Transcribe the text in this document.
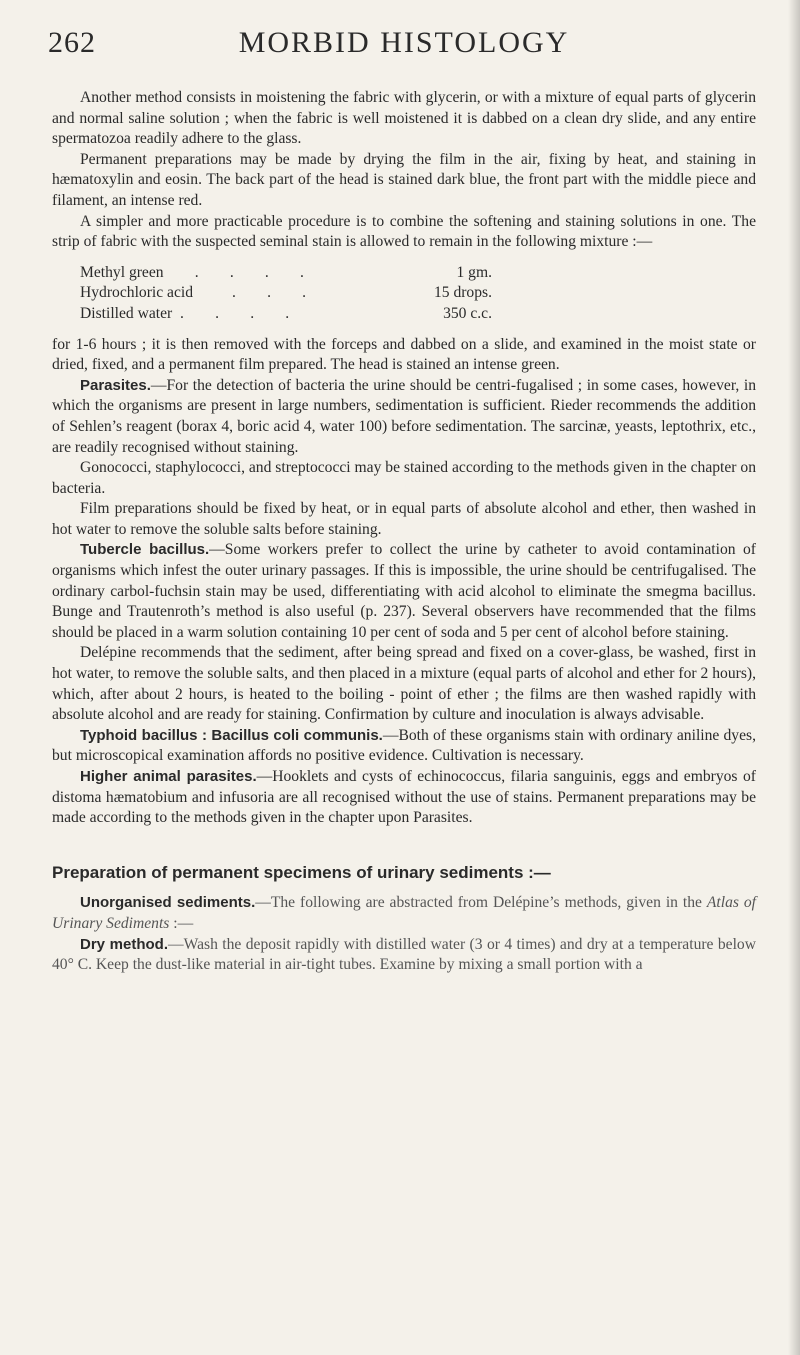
262	MORBID HISTOLOGY

Another method consists in moistening the fabric with glycerin, or with a mixture of equal parts of glycerin and normal saline solution ; when the fabric is well moistened it is dabbed on a clean dry slide, and any entire spermatozoa readily adhere to the glass.

Permanent preparations may be made by drying the film in the air, fixing by heat, and staining in hæmatoxylin and eosin. The back part of the head is stained dark blue, the front part with the middle piece and filament, an intense red.

A simpler and more practicable procedure is to combine the softening and staining solutions in one. The strip of fabric with the suspected seminal stain is allowed to remain in the following mixture :—

Methyl green        .        .        .        .	1 gm.
Hydrochloric acid          .        .        .	15 drops.
Distilled water  .        .        .        .	350 c.c.

for 1-6 hours ; it is then removed with the forceps and dabbed on a slide, and examined in the moist state or dried, fixed, and a permanent film prepared. The head is stained an intense green.

Parasites.—For the detection of bacteria the urine should be centri-fugalised ; in some cases, however, in which the organisms are present in large numbers, sedimentation is sufficient. Rieder recommends the addition of Sehlen’s reagent (borax 4, boric acid 4, water 100) before sedimentation. The sarcinæ, yeasts, leptothrix, etc., are readily recognised without staining.

Gonococci, staphylococci, and streptococci may be stained according to the methods given in the chapter on bacteria.

Film preparations should be fixed by heat, or in equal parts of absolute alcohol and ether, then washed in hot water to remove the soluble salts before staining.

Tubercle bacillus.—Some workers prefer to collect the urine by catheter to avoid contamination of organisms which infest the outer urinary passages. If this is impossible, the urine should be centrifugalised. The ordinary carbol-fuchsin stain may be used, differentiating with acid alcohol to eliminate the smegma bacillus. Bunge and Trautenroth’s method is also useful (p. 237). Several observers have recommended that the films should be placed in a warm solution containing 10 per cent of soda and 5 per cent of alcohol before staining.

Delépine recommends that the sediment, after being spread and fixed on a cover-glass, be washed, first in hot water, to remove the soluble salts, and then placed in a mixture (equal parts of alcohol and ether for 2 hours), which, after about 2 hours, is heated to the boiling - point of ether ; the films are then washed rapidly with absolute alcohol and are ready for staining. Confirmation by culture and inoculation is always advisable.

Typhoid bacillus : Bacillus coli communis.—Both of these organisms stain with ordinary aniline dyes, but microscopical examination affords no positive evidence. Cultivation is necessary.

Higher animal parasites.—Hooklets and cysts of echinococcus, filaria sanguinis, eggs and embryos of distoma hæmatobium and infusoria are all recognised without the use of stains. Permanent preparations may be made according to the methods given in the chapter upon Parasites.

Preparation of permanent specimens of urinary sediments :—

Unorganised sediments.—The following are abstracted from Delépine’s methods, given in the Atlas of Urinary Sediments :—

Dry method.—Wash the deposit rapidly with distilled water (3 or 4 times) and dry at a temperature below 40° C. Keep the dust-like material in air-tight tubes. Examine by mixing a small portion with a
